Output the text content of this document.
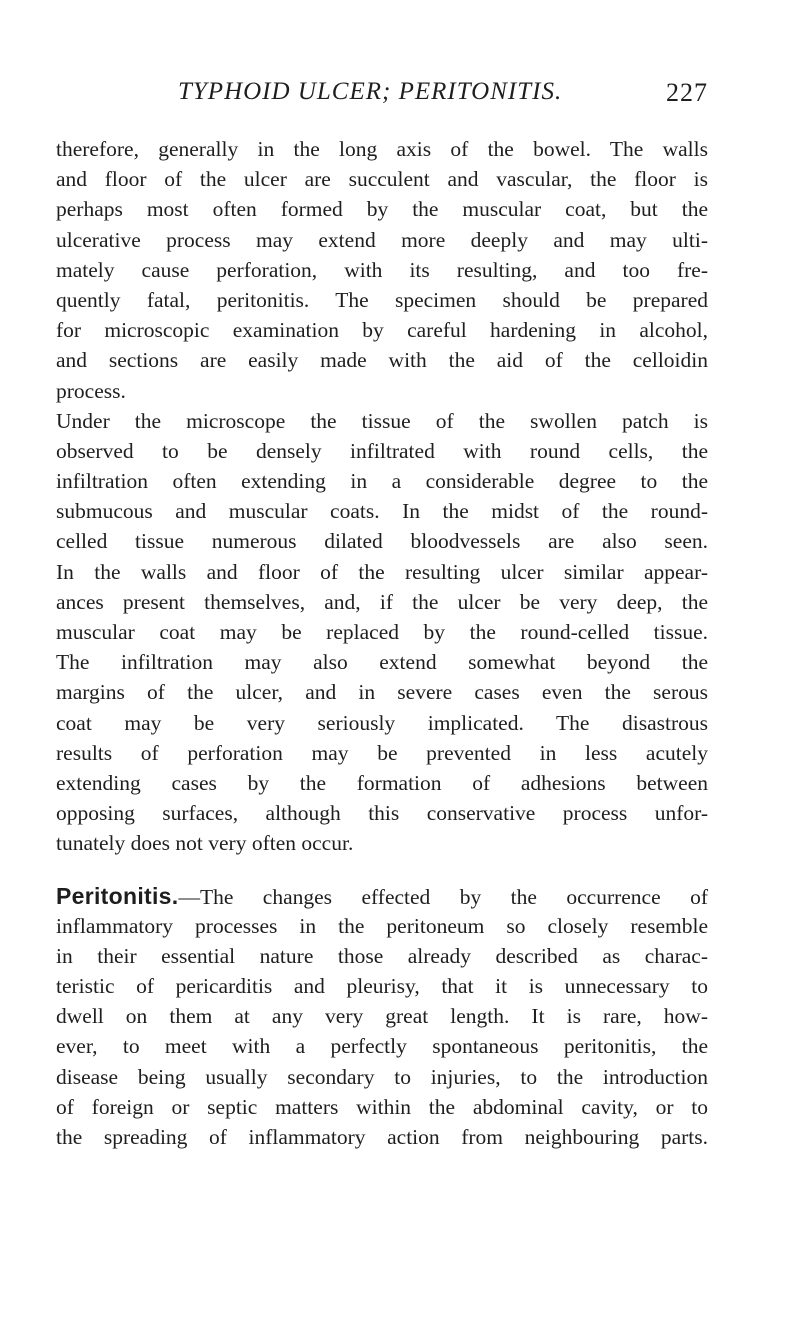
TYPHOID ULCER; PERITONITIS.	227
therefore, generally in the long axis of the bowel. The walls
and floor of the ulcer are succulent and vascular, the floor is
perhaps most often formed by the muscular coat, but the
ulcerative process may extend more deeply and may ulti-
mately cause perforation, with its resulting, and too fre-
quently fatal, peritonitis. The specimen should be prepared
for microscopic examination by careful hardening in alcohol,
and sections are easily made with the aid of the celloidin
process.
Under the microscope the tissue of the swollen patch is
observed to be densely infiltrated with round cells, the
infiltration often extending in a considerable degree to the
submucous and muscular coats. In the midst of the round-
celled tissue numerous dilated bloodvessels are also seen.
In the walls and floor of the resulting ulcer similar appear-
ances present themselves, and, if the ulcer be very deep, the
muscular coat may be replaced by the round-celled tissue.
The infiltration may also extend somewhat beyond the
margins of the ulcer, and in severe cases even the serous
coat may be very seriously implicated. The disastrous
results of perforation may be prevented in less acutely
extending cases by the formation of adhesions between
opposing surfaces, although this conservative process unfor-
tunately does not very often occur.
Peritonitis.—The changes effected by the occurrence of
inflammatory processes in the peritoneum so closely resemble
in their essential nature those already described as charac-
teristic of pericarditis and pleurisy, that it is unnecessary to
dwell on them at any very great length. It is rare, how-
ever, to meet with a perfectly spontaneous peritonitis, the
disease being usually secondary to injuries, to the introduction
of foreign or septic matters within the abdominal cavity, or to
the spreading of inflammatory action from neighbouring parts.
